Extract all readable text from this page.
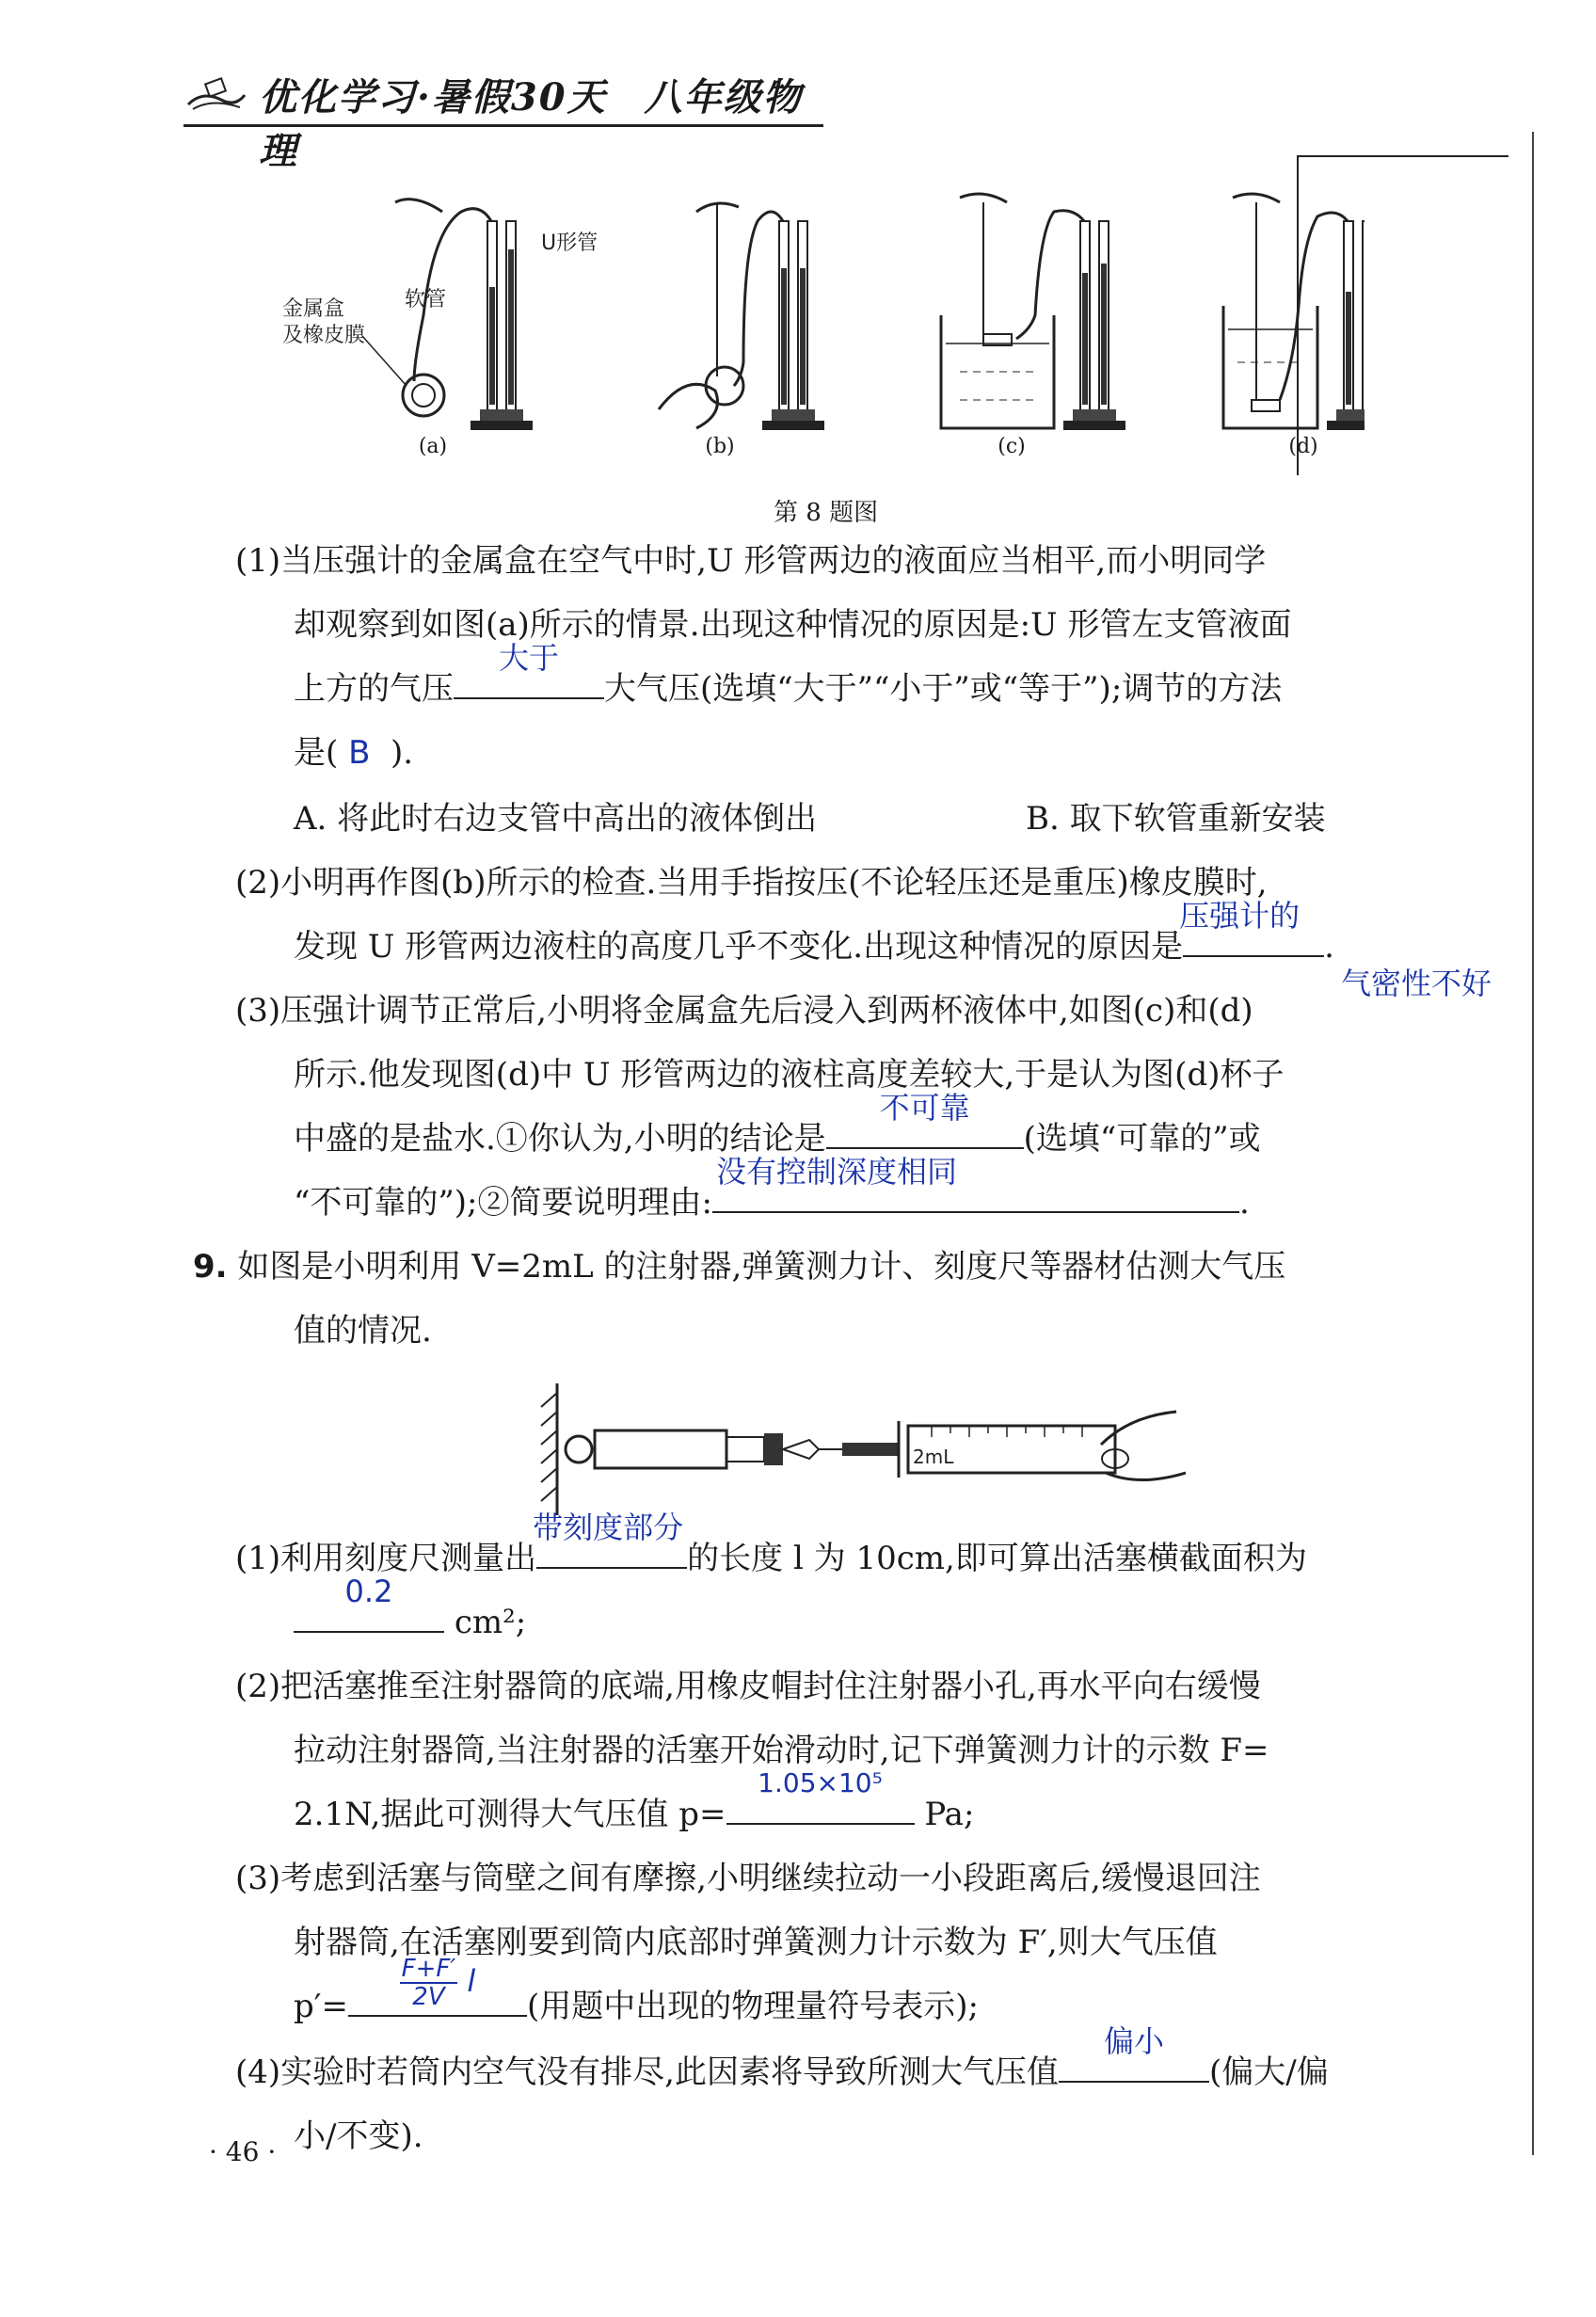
优化学习·暑假30天 八年级物理
U形管
软管
金属盒
及橡皮膜
(a)	(b)	(c)	(d)
第 8 题图
(1)当压强计的金属盒在空气中时,U 形管两边的液面应当相平,而小明同学
却观察到如图(a)所示的情景.出现这种情况的原因是:U 形管左支管液面
上方的气压
大于
大气压(选填“大于”“小于”或“等于”);调节的方法
是( B ).
A. 将此时右边支管中高出的液体倒出	B. 取下软管重新安装
(2)小明再作图(b)所示的检查.当用手指按压(不论轻压还是重压)橡皮膜时,
发现 U 形管两边液柱的高度几乎不变化.出现这种情况的原因是
压强计的
.
气密性不好
(3)压强计调节正常后,小明将金属盒先后浸入到两杯液体中,如图(c)和(d)
所示.他发现图(d)中 U 形管两边的液柱高度差较大,于是认为图(d)杯子
中盛的是盐水.①你认为,小明的结论是
不可靠
(选填“可靠的”或
“不可靠的”);②简要说明理由:
没有控制深度相同
.
9. 如图是小明利用 V=2mL 的注射器,弹簧测力计、刻度尺等器材估测大气压
值的情况.
2mL
(1)利用刻度尺测量出
带刻度部分
的长度 l 为 10cm,即可算出活塞横截面积为
0.2
cm²;
(2)把活塞推至注射器筒的底端,用橡皮帽封住注射器小孔,再水平向右缓慢
拉动注射器筒,当注射器的活塞开始滑动时,记下弹簧测力计的示数 F=
2.1N,据此可测得大气压值 p=
1.05×10⁵
Pa;
(3)考虑到活塞与筒壁之间有摩擦,小明继续拉动一小段距离后,缓慢退回注
射器筒,在活塞刚要到筒内底部时弹簧测力计示数为 F′,则大气压值
$p'= \frac{F+F'}{2V}$ l
(用题中出现的物理量符号表示);
(4)实验时若筒内空气没有排尽,此因素将导致所测大气压值
偏小
(偏大/偏
小/不变).
· 46 ·
